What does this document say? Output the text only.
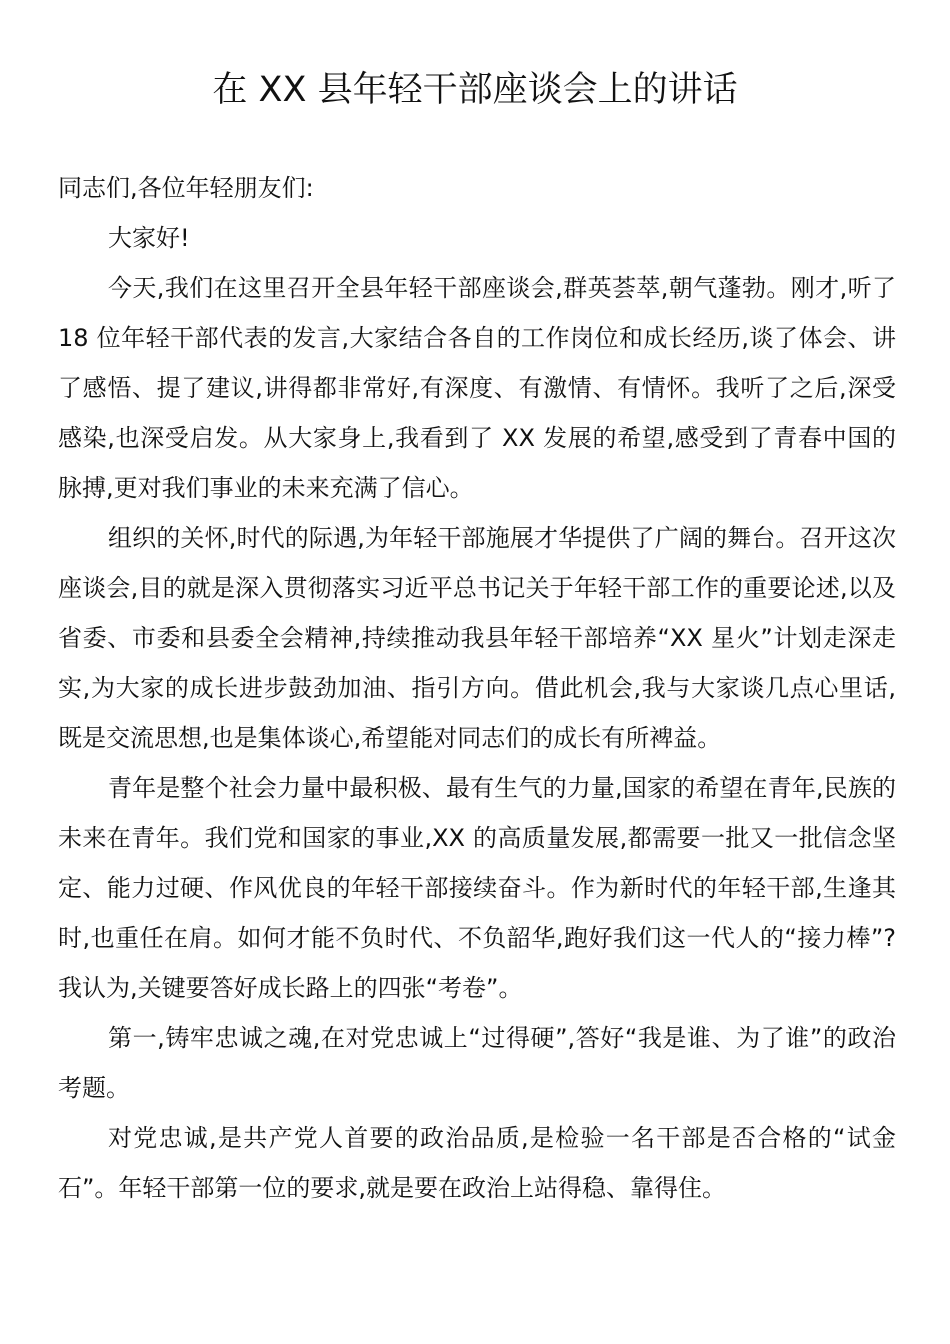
在 XX 县年轻干部座谈会上的讲话

同志们,各位年轻朋友们:

大家好!

今天,我们在这里召开全县年轻干部座谈会,群英荟萃,朝气蓬勃。刚才,听了 18 位年轻干部代表的发言,大家结合各自的工作岗位和成长经历,谈了体会、讲了感悟、提了建议,讲得都非常好,有深度、有激情、有情怀。我听了之后,深受感染,也深受启发。从大家身上,我看到了 XX 发展的希望,感受到了青春中国的脉搏,更对我们事业的未来充满了信心。

组织的关怀,时代的际遇,为年轻干部施展才华提供了广阔的舞台。召开这次座谈会,目的就是深入贯彻落实习近平总书记关于年轻干部工作的重要论述,以及省委、市委和县委全会精神,持续推动我县年轻干部培养“XX 星火”计划走深走实,为大家的成长进步鼓劲加油、指引方向。借此机会,我与大家谈几点心里话,既是交流思想,也是集体谈心,希望能对同志们的成长有所裨益。

青年是整个社会力量中最积极、最有生气的力量,国家的希望在青年,民族的未来在青年。我们党和国家的事业,XX 的高质量发展,都需要一批又一批信念坚定、能力过硬、作风优良的年轻干部接续奋斗。作为新时代的年轻干部,生逢其时,也重任在肩。如何才能不负时代、不负韶华,跑好我们这一代人的“接力棒”?我认为,关键要答好成长路上的四张“考卷”。

第一,铸牢忠诚之魂,在对党忠诚上“过得硬”,答好“我是谁、为了谁”的政治考题。

对党忠诚,是共产党人首要的政治品质,是检验一名干部是否合格的“试金石”。年轻干部第一位的要求,就是要在政治上站得稳、靠得住。
